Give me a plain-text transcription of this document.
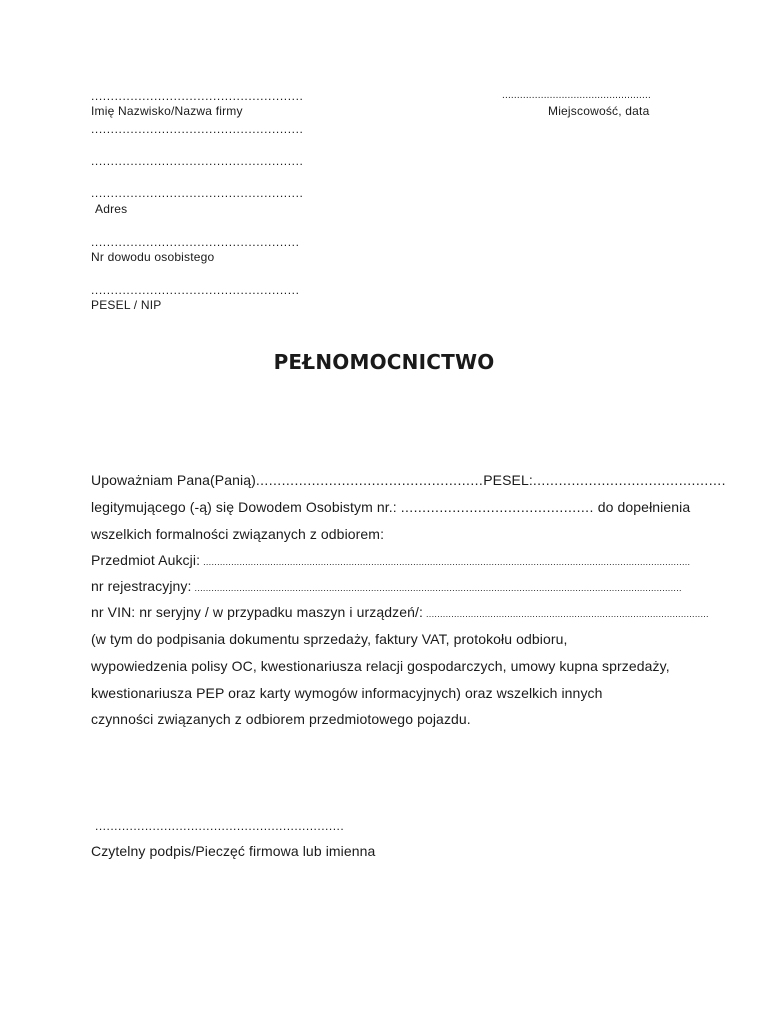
......................................................
Imię Nazwisko/Nazwa firmy
......................................................
......................................................
......................................................
Adres
.....................................................
Nr dowodu osobistego
.....................................................
PESEL / NIP
..................................................
Miejscowość, data
PEŁNOMOCNICTWO
Upoważniam Pana(Panią) ..................................................... PESEL: .............................................
legitymującego (-ą) się Dowodem Osobistym nr.: ............................................. do dopełnienia
wszelkich formalności związanych z odbiorem:
Przedmiot Aukcji: ..............................................................................................................................................................................
nr rejestracyjny: ..............................................................................................................................................................................
nr VIN: nr seryjny / w przypadku maszyn i urządzeń/: .....................................................................................................
(w tym do podpisania dokumentu sprzedaży, faktury VAT, protokołu odbioru,
wypowiedzenia polisy OC, kwestionariusza relacji gospodarczych, umowy kupna sprzedaży,
kwestionariusza PEP oraz karty wymogów informacyjnych) oraz wszelkich innych
czynności związanych z odbiorem przedmiotowego pojazdu.
.................................................................
Czytelny podpis/Pieczęć firmowa lub imienna
